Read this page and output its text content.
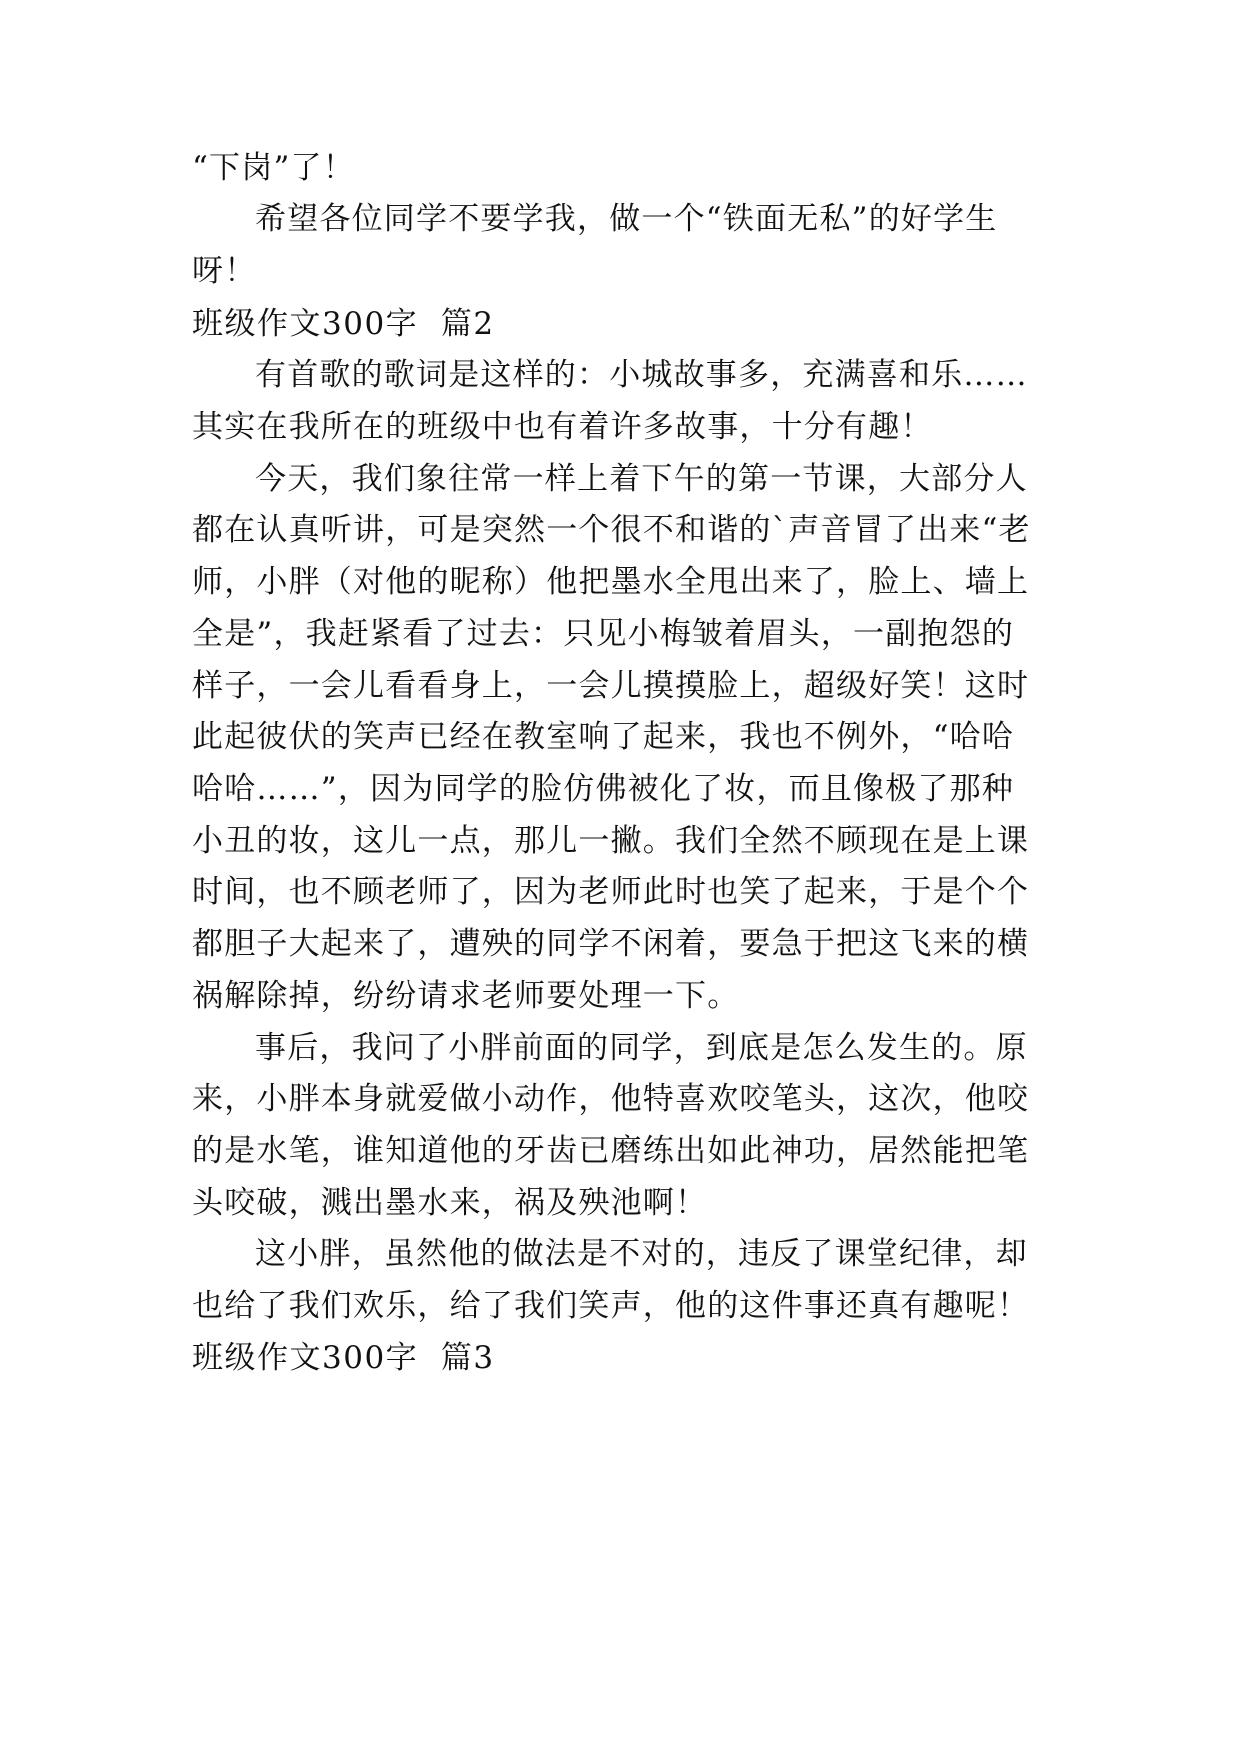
“下岗”了！
希望各位同学不要学我，做一个“铁面无私”的好学生
呀！
班级作文300字  篇2
有首歌的歌词是这样的：小城故事多，充满喜和乐……
其实在我所在的班级中也有着许多故事，十分有趣！
今天，我们象往常一样上着下午的第一节课，大部分人
都在认真听讲，可是突然一个很不和谐的`声音冒了出来“老
师，小胖（对他的昵称）他把墨水全甩出来了，脸上、墙上
全是”，我赶紧看了过去：只见小梅皱着眉头，一副抱怨的
样子，一会儿看看身上，一会儿摸摸脸上，超级好笑！这时
此起彼伏的笑声已经在教室响了起来，我也不例外，“哈哈
哈哈……”，因为同学的脸仿佛被化了妆，而且像极了那种
小丑的妆，这儿一点，那儿一撇。我们全然不顾现在是上课
时间，也不顾老师了，因为老师此时也笑了起来，于是个个
都胆子大起来了，遭殃的同学不闲着，要急于把这飞来的横
祸解除掉，纷纷请求老师要处理一下。
事后，我问了小胖前面的同学，到底是怎么发生的。原
来，小胖本身就爱做小动作，他特喜欢咬笔头，这次，他咬
的是水笔，谁知道他的牙齿已磨练出如此神功，居然能把笔
头咬破，溅出墨水来，祸及殃池啊！
这小胖，虽然他的做法是不对的，违反了课堂纪律，却
也给了我们欢乐，给了我们笑声，他的这件事还真有趣呢！
班级作文300字  篇3
